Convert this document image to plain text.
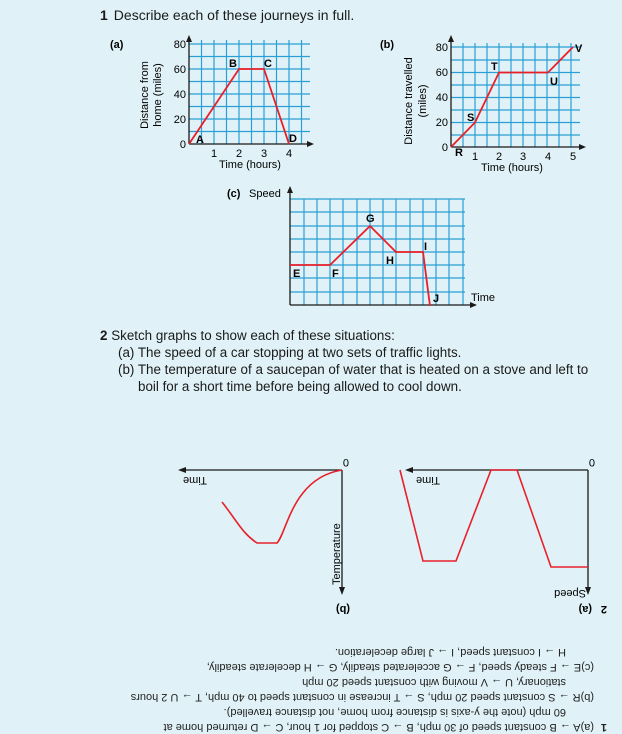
1 Describe each of these journeys in full.
(a)
0
20
40
60
80
1 2 3 4
Time (hours)
Distance from home (miles)
A
B C
D
(b)
0
20
40
60
80
1 2 3 4 5
Time (hours)
Distance travelled (miles)
R
S
T
U
V
(c) Speed
Time
E	F
G
H
I
J
2 Sketch graphs to show each of these situations:
(a) The speed of a car stopping at two sets of traffic lights.
(b) The temperature of a saucepan of water that is heated on a stove and left to
boil for a short time before being allowed to cool down.
2
(a)
(b)
Speed
0
Time
0
Time
Temperature
1(a)A → B constant speed of 30 mph, B → C stopped for 1 hour, C → D returned home at
60 mph (note the y-axis is distance from home, not distance travelled).
(b)R → S constant speed 20 mph, S → T increase in constant speed to 40 mph, T → U 2 hours
stationary, U → V moving with constant speed 20 mph
(c)E → F steady speed, F → G accelerated steadily, G → H decelerate steadily,
H → I constant speed, I → J large deceleration.
